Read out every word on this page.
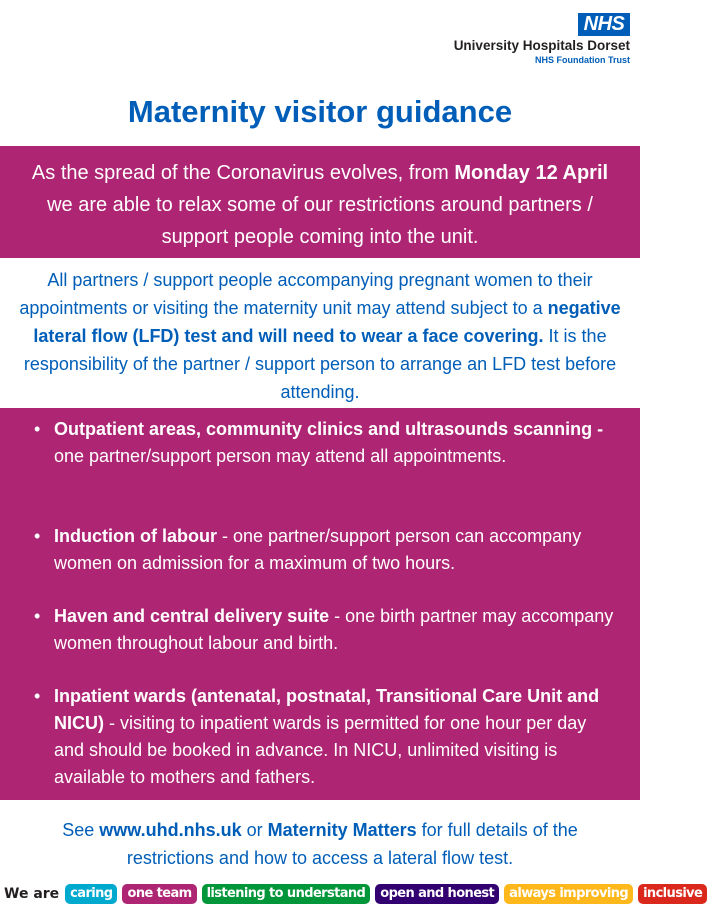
NHS
University Hospitals Dorset
NHS Foundation Trust
Maternity visitor guidance
As the spread of the Coronavirus evolves, from Monday 12 April we are able to relax some of our restrictions around partners / support people coming into the unit.
All partners / support people accompanying pregnant women to their appointments or visiting the maternity unit may attend subject to a negative lateral flow (LFD) test and will need to wear a face covering. It is the responsibility of the partner / support person to arrange an LFD test before attending.
• Outpatient areas, community clinics and ultrasounds scanning - one partner/support person may attend all appointments.
• Induction of labour - one partner/support person can accompany women on admission for a maximum of two hours.
• Haven and central delivery suite - one birth partner may accompany women throughout labour and birth.
• Inpatient wards (antenatal, postnatal, Transitional Care Unit and NICU) - visiting to inpatient wards is permitted for one hour per day and should be booked in advance. In NICU, unlimited visiting is available to mothers and fathers.
See www.uhd.nhs.uk or Maternity Matters for full details of the restrictions and how to access a lateral flow test.
We are caring	one team	listening to understand	open and honest	always improving	inclusive
